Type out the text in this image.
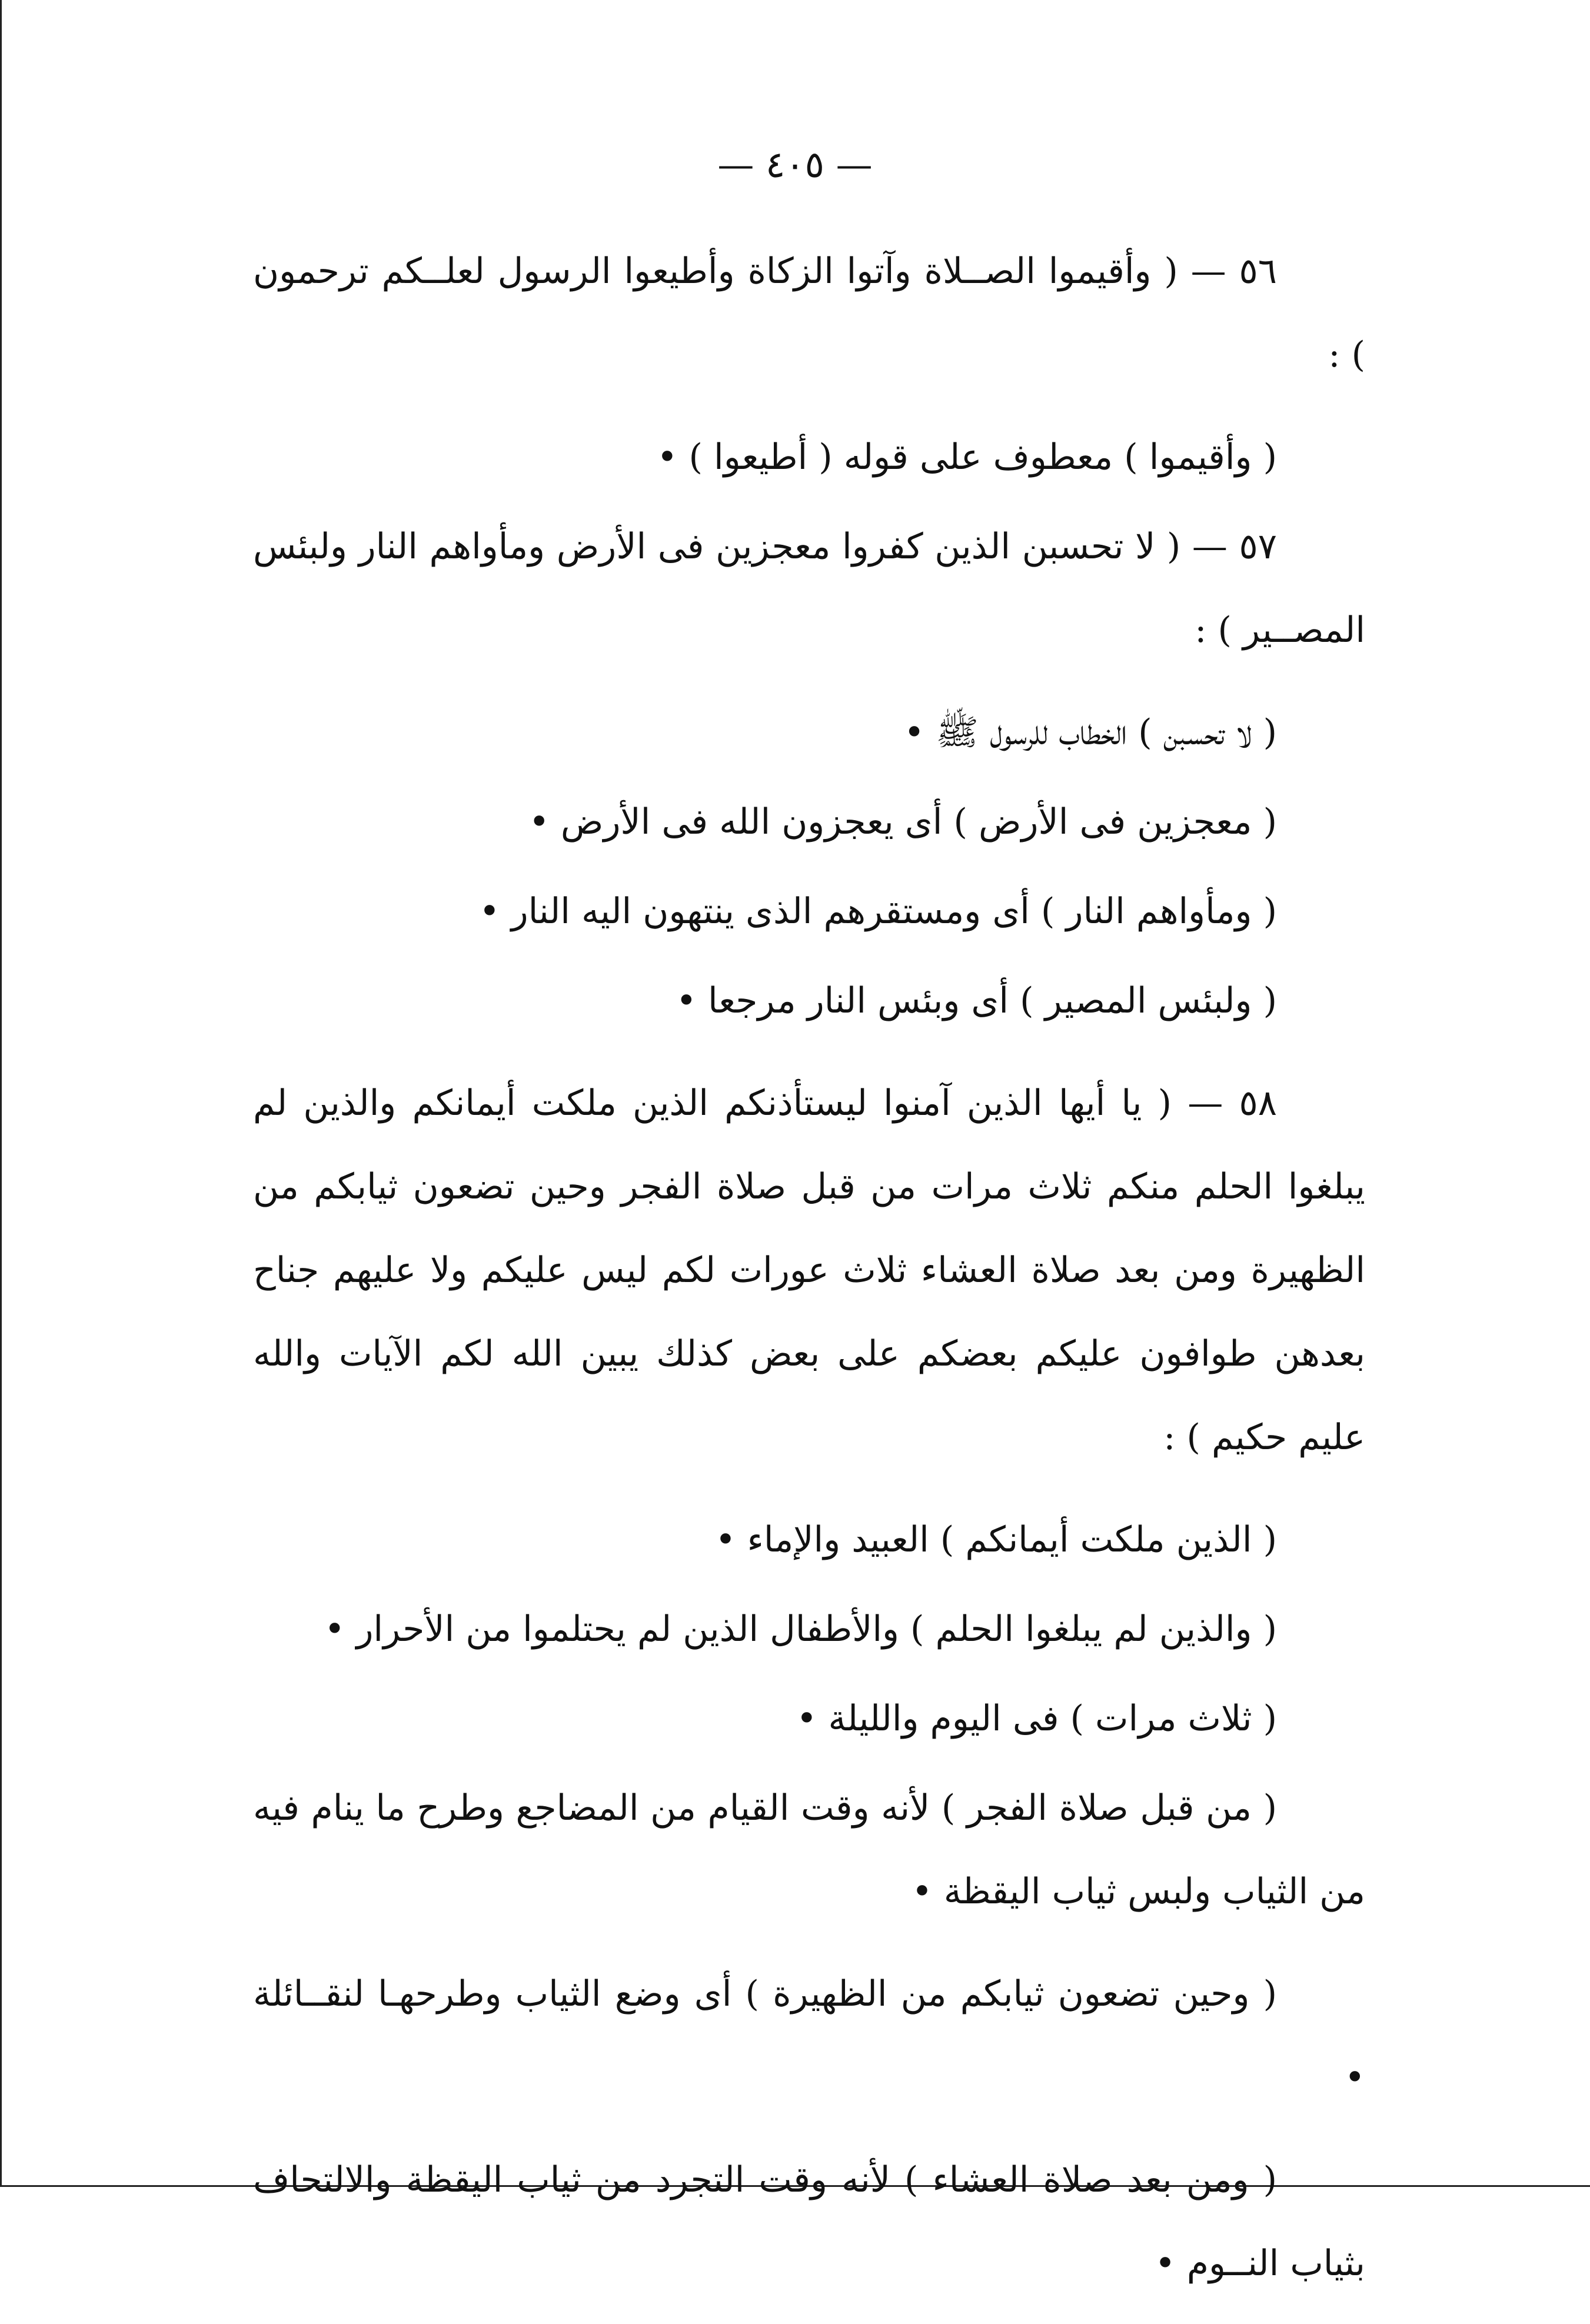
— ٤٠٥ —

٥٦ — ( وأقيموا الصــلاة وآتوا الزكاة وأطيعوا الرسول لعلــكم ترحمون ) :

( وأقيموا ) معطوف على قوله ( أطيعوا ) •

٥٧ — ( لا تحسبن الذين كفروا معجزين فى الأرض ومأواهم النار ولبئس المصــير ) :

( لا تحسبن ) الخطاب للرسول ﷺ •

( معجزين فى الأرض ) أى يعجزون الله فى الأرض •

( ومأواهم النار ) أى ومستقرهم الذى ينتهون اليه النار •

( ولبئس المصير ) أى وبئس النار مرجعا •

٥٨ — ( يا أيها الذين آمنوا ليستأذنكم الذين ملكت أيمانكم والذين لم يبلغوا الحلم منكم ثلاث مرات من قبل صلاة الفجر وحين تضعون ثيابكم من الظهيرة ومن بعد صلاة العشاء ثلاث عورات لكم ليس عليكم ولا عليهم جناح بعدهن طوافون عليكم بعضكم على بعض كذلك يبين الله لكم الآيات والله عليم حكيم ) :

( الذين ملكت أيمانكم ) العبيد والإماء •

( والذين لم يبلغوا الحلم ) والأطفال الذين لم يحتلموا من الأحرار •

( ثلاث مرات ) فى اليوم والليلة •

( من قبل صلاة الفجر ) لأنه وقت القيام من المضاجع وطرح ما ينام فيه من الثياب ولبس ثياب اليقظة •

( وحين تضعون ثيابكم من الظهيرة ) أى وضع الثياب وطرحهـا لنقــائلة •

( ومن بعد صلاة العشاء ) لأنه وقت التجرد من ثياب اليقظة والالتحاف بثياب النــوم •
